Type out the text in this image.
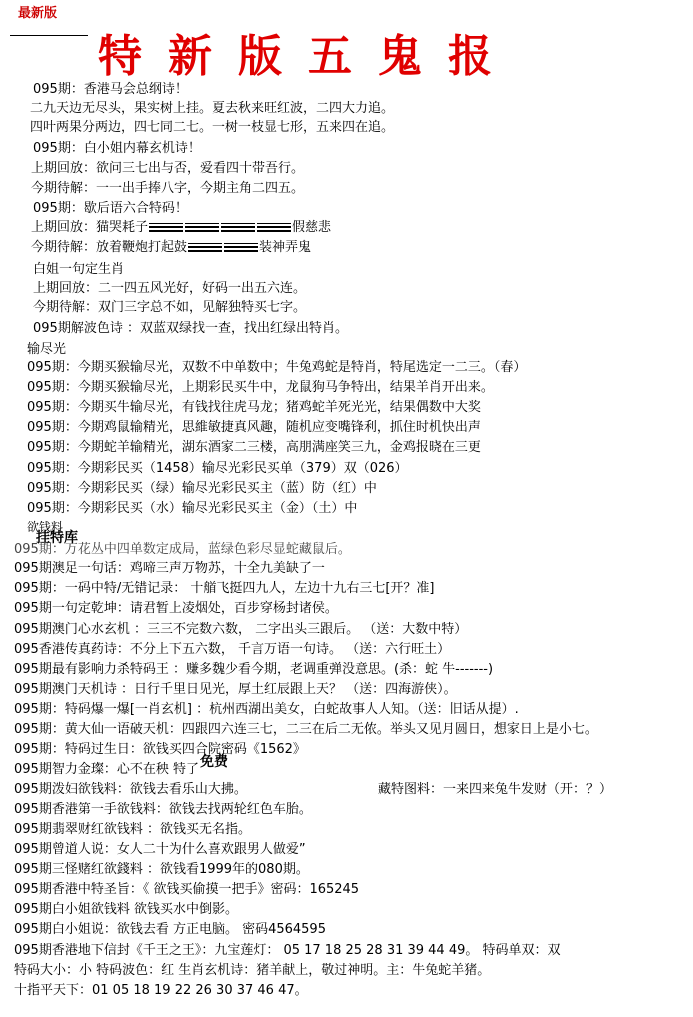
最新版
特新版五鬼报
095期：香港马会总纲诗！
二九天边无尽头，果实树上挂。夏去秋来旺红波，二四大力追。
四叶两果分两边，四七同二七。一树一枝显七形，五来四在追。
095期：白小姐内幕玄机诗！
上期回放：欲问三七出与否，爱看四十带吾行。
今期待解：一一出手捧八字，今期主角二四五。
095期：歇后语六合特码！
上期回放：猫哭耗子	假慈悲
今期待解：放着鞭炮打起鼓	装神弄鬼
白姐一句定生肖
上期回放：二一四五风光好，好码一出五六连。
今期待解：双门三字总不如，见解独特买七字。
095期解波色诗 ：双蓝双绿找一查，找出红绿出特肖。
输尽光
095期：今期买猴输尽光，双数不中单数中；牛兔鸡蛇是特肖，特尾选定一二三。（春）
095期：今期买猴输尽光，上期彩民买牛中，龙鼠狗马争特出，结果羊肖开出来。
095期：今期买牛输尽光，有钱找往虎马龙；猪鸡蛇羊死光光，结果偶数中大奖
095期：今期鸡鼠输精光，思維敏捷真风趣，随机应变嘴锋利，抓住时机快出声
095期：今期蛇羊输精光，湖东酒家二三楼，高朋满座笑三九，金鸡报晓在三更
095期：今期彩民买（1458）输尽光彩民买单（379）双（026）
095期：今期彩民买（绿）输尽光彩民买主（蓝）防（红）中
095期：今期彩民买（水）输尽光彩民买主（金）（土）中
欲钱料
挂特库
095期：万花丛中四单数定成局，蓝绿色彩尽显蛇藏鼠后。
095期澳足一句话：鸡啼三声万物苏，十全九美缺了一
095期：一码中特/无错记录： 十艏飞挺四九人，左边十九右三七[开？准]
095期一句定乾坤：请君暂上凌烟处，百步穿杨封诸侯。
095期澳门心水玄机 ：三三不完数六数， 二字出头三跟后。 （送：大数中特）
095香港传真药诗：不分上下五六数， 千言万语一句诗。 （送：六行旺土）
095期最有影响力杀特码王 ：赚多魏少看今期，老调重弹没意思。(杀：蛇 牛-------)
095期澳门天机诗 ：日行千里日见光，厚土红辰跟上天？ （送：四海游侠）。
095期：特码爆一爆[一肖玄机] ：杭州西湖出美女，白蛇故事人人知。（送：旧话从提）.
095期：黄大仙一语破天机：四跟四六连三七，二三在后二无侬。举头又见月圆日，想家日上是小七。
095期：特码过生日：欲钱买四合院密码《1562》
免费
095期智力金璨：心不在秧 特了
095期泼妇欲钱料：欲钱去看乐山大拂。	藏特图料：一来四来兔牛发财（开：？）
095期香港第一手欲钱料：欲钱去找两轮红色车胎。
095期翡翠财红欲钱料 ：欲钱买无名指。
095期曾道人说：女人二十为什么喜欢跟男人做爱”
095期三怪赌红欲錢料 ：欲钱看1999年的080期。
095期香港中特圣旨：《 欲钱买偷摸一把手》密码：165245
095期白小姐欲钱料 欲钱买水中倒影。
095期白小姐说：欲钱去看 方正电脑。 密码4564595
095期香港地下信封《千王之王》：九宝莲灯： 05 17 18 25 28 31 39 44 49。 特码单双：双
特码大小：小 特码波色：红 生肖玄机诗：猪羊献上，敬过神明。主：牛兔蛇羊猪。
十指平天下：01 05 18 19 22 26 30 37 46 47。
